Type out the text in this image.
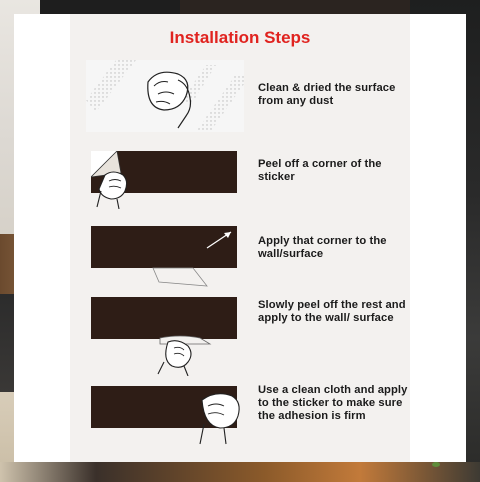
Installation Steps
Clean & dried the surface from any dust
Peel off a corner of the sticker
Apply that corner to the wall/surface
Slowly peel off the rest and apply to the wall/ surface
Use a clean cloth and apply to the sticker to make sure the adhesion is firm
